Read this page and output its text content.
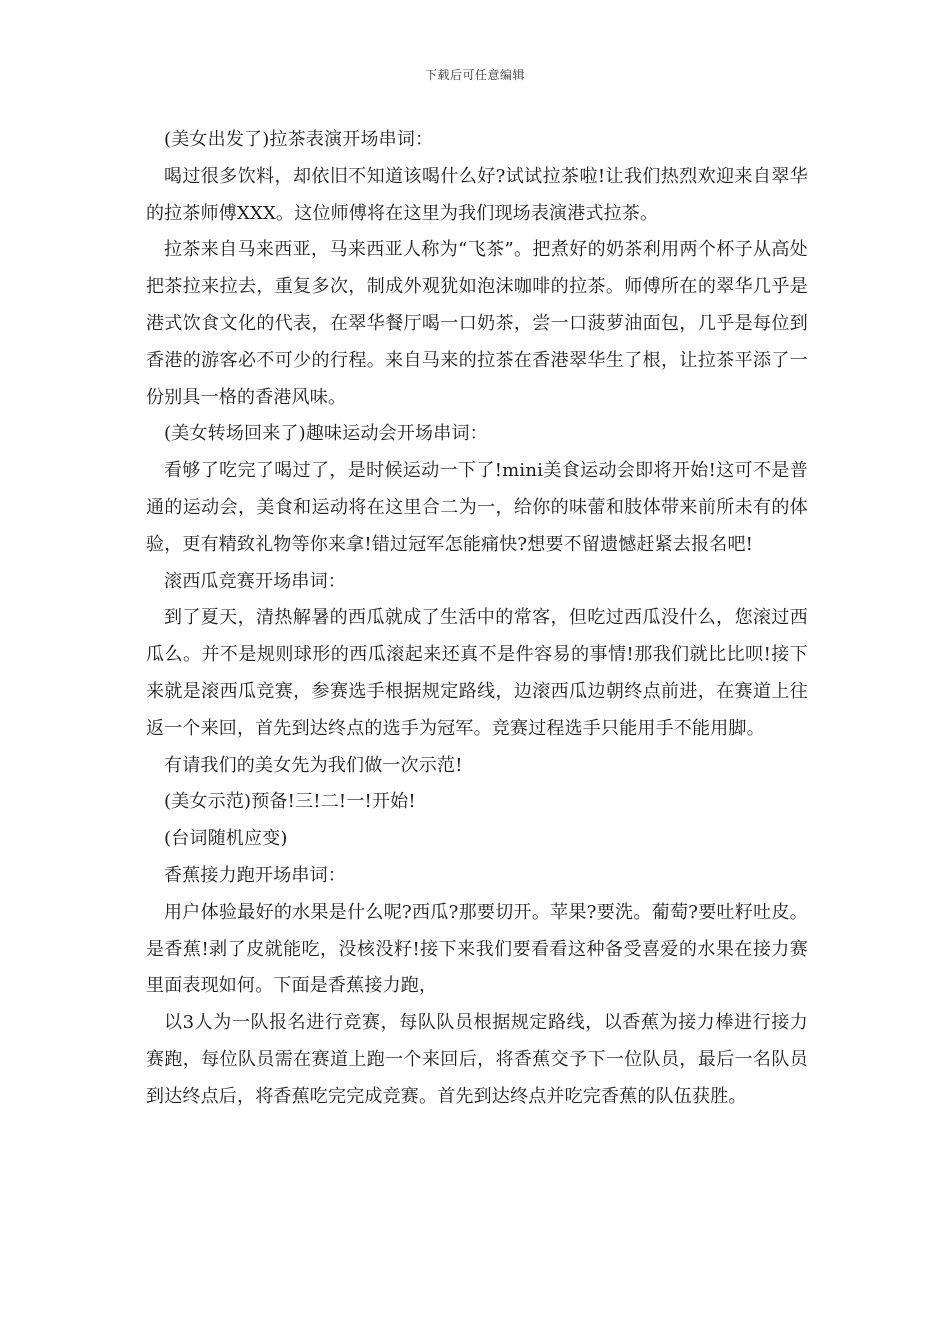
下载后可任意编辑

(美女出发了)拉茶表演开场串词：

喝过很多饮料，却依旧不知道该喝什么好?试试拉茶啦!让我们热烈欢迎来自翠华的拉茶师傅XXX。这位师傅将在这里为我们现场表演港式拉茶。

拉茶来自马来西亚，马来西亚人称为“飞茶”。把煮好的奶茶利用两个杯子从高处把茶拉来拉去，重复多次，制成外观犹如泡沫咖啡的拉茶。师傅所在的翠华几乎是港式饮食文化的代表，在翠华餐厅喝一口奶茶，尝一口菠萝油面包，几乎是每位到香港的游客必不可少的行程。来自马来的拉茶在香港翠华生了根，让拉茶平添了一份别具一格的香港风味。

(美女转场回来了)趣味运动会开场串词：

看够了吃完了喝过了，是时候运动一下了!mini美食运动会即将开始!这可不是普通的运动会，美食和运动将在这里合二为一，给你的味蕾和肢体带来前所未有的体验，更有精致礼物等你来拿!错过冠军怎能痛快?想要不留遗憾赶紧去报名吧!

滚西瓜竞赛开场串词：

到了夏天，清热解暑的西瓜就成了生活中的常客，但吃过西瓜没什么，您滚过西瓜么。并不是规则球形的西瓜滚起来还真不是件容易的事情!那我们就比比呗!接下来就是滚西瓜竞赛，参赛选手根据规定路线，边滚西瓜边朝终点前进，在赛道上往返一个来回，首先到达终点的选手为冠军。竞赛过程选手只能用手不能用脚。

有请我们的美女先为我们做一次示范!

(美女示范)预备!三!二!一!开始!

(台词随机应变)

香蕉接力跑开场串词：

用户体验最好的水果是什么呢?西瓜?那要切开。苹果?要洗。葡萄?要吐籽吐皮。是香蕉!剥了皮就能吃，没核没籽!接下来我们要看看这种备受喜爱的水果在接力赛里面表现如何。下面是香蕉接力跑，

以3人为一队报名进行竞赛，每队队员根据规定路线，以香蕉为接力棒进行接力赛跑，每位队员需在赛道上跑一个来回后，将香蕉交予下一位队员，最后一名队员到达终点后，将香蕉吃完完成竞赛。首先到达终点并吃完香蕉的队伍获胜。
